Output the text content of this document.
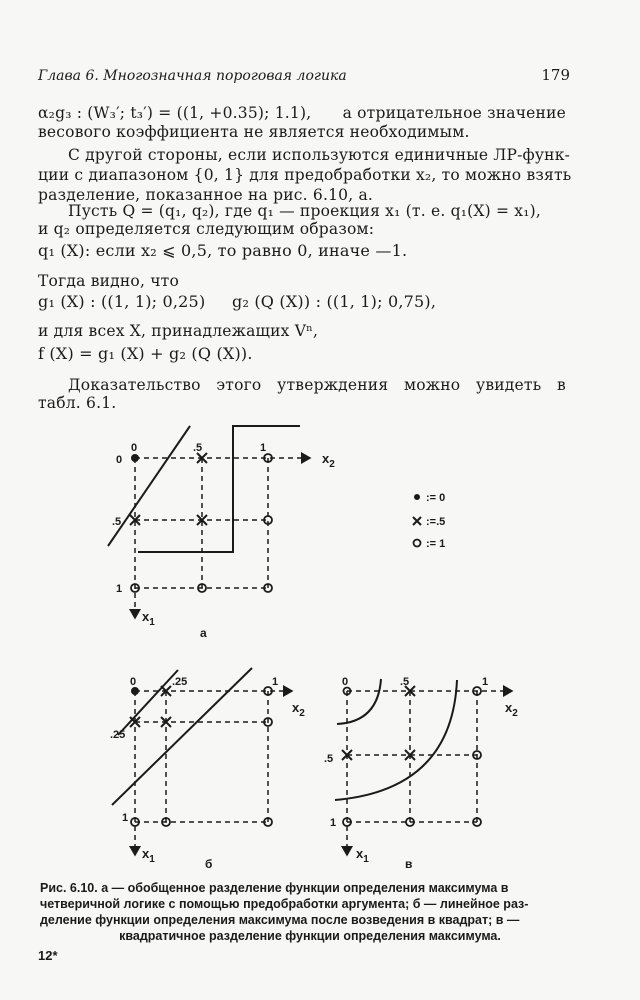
Глава 6. Многозначная пороговая логика	179
α₂g₃ : (W₃′; t₃′) = ((1, +0.35); 1.1), а отрицательное значение
весового коэффициента не является необходимым.
С другой стороны, если используются единичные ЛР-функ-
ции с диапазоном {0, 1} для предобработки x₂, то можно взять
разделение, показанное на рис. 6.10, а.
Пусть Q = (q₁, q₂), где q₁ — проекция x₁ (т. е. q₁(X) = x₁),
и q₂ определяется следующим образом:
q₁ (X): если x₂ ⩽ 0,5, то равно 0, иначе —1.
Тогда видно, что
g₁ (X) : ((1, 1); 0,25) g₂ (Q (X)) : ((1, 1); 0,75),
и для всех X, принадлежащих Vⁿ,
f (X) = g₁ (X) + g₂ (Q (X)).
Доказательство этого утверждения можно увидеть в
табл. 6.1.
0	.5	1
0
.5
1
$x_2$
$x_1$
а
:= 0
:=.5
:= 1
0	.25	1
.25
1
$x_2$
$x_1$	б
0	.5	1
.5
1
$x_2$
$x_1$	в
Рис. 6.10. а — обобщенное разделение функции определения максимума в
четверичной логике с помощью предобработки аргумента; б — линейное раз-
деление функции определения максимума после возведения в квадрат; в —
квадратичное разделение функции определения максимума.
12*
